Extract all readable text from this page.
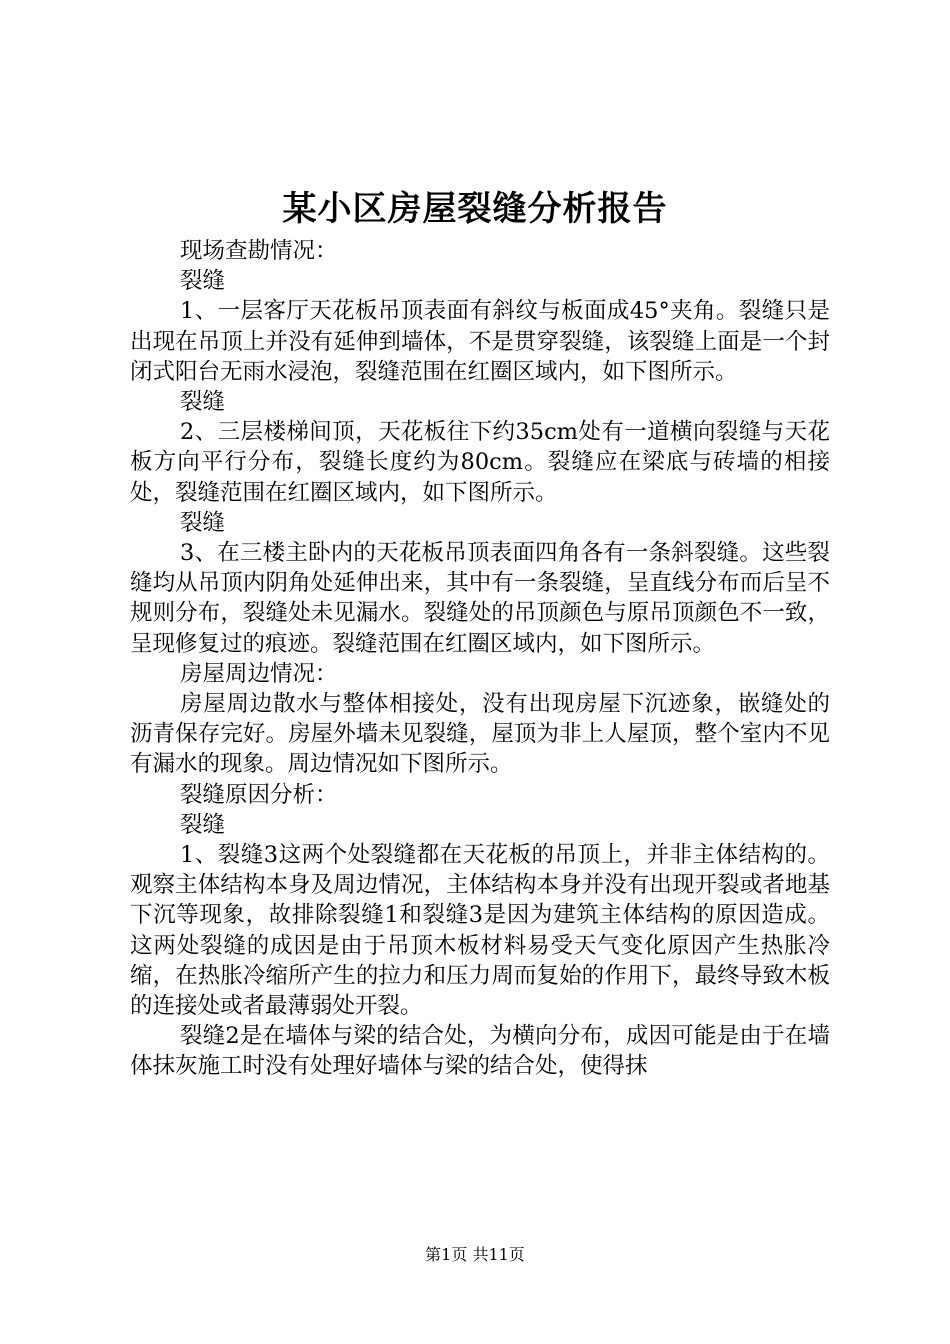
某小区房屋裂缝分析报告

现场查勘情况：

裂缝

1、一层客厅天花板吊顶表面有斜纹与板面成45°夹角。裂缝只是出现在吊顶上并没有延伸到墙体，不是贯穿裂缝，该裂缝上面是一个封闭式阳台无雨水浸泡，裂缝范围在红圈区域内，如下图所示。

裂缝

2、三层楼梯间顶，天花板往下约35cm处有一道横向裂缝与天花板方向平行分布，裂缝长度约为80cm。裂缝应在梁底与砖墙的相接处，裂缝范围在红圈区域内，如下图所示。

裂缝

3、在三楼主卧内的天花板吊顶表面四角各有一条斜裂缝。这些裂缝均从吊顶内阴角处延伸出来，其中有一条裂缝，呈直线分布而后呈不规则分布，裂缝处未见漏水。裂缝处的吊顶颜色与原吊顶颜色不一致，呈现修复过的痕迹。裂缝范围在红圈区域内，如下图所示。

房屋周边情况：

房屋周边散水与整体相接处，没有出现房屋下沉迹象，嵌缝处的沥青保存完好。房屋外墙未见裂缝，屋顶为非上人屋顶，整个室内不见有漏水的现象。周边情况如下图所示。

裂缝原因分析：

裂缝

1、裂缝3这两个处裂缝都在天花板的吊顶上，并非主体结构的。观察主体结构本身及周边情况，主体结构本身并没有出现开裂或者地基下沉等现象，故排除裂缝1和裂缝3是因为建筑主体结构的原因造成。这两处裂缝的成因是由于吊顶木板材料易受天气变化原因产生热胀冷缩，在热胀冷缩所产生的拉力和压力周而复始的作用下，最终导致木板的连接处或者最薄弱处开裂。

裂缝2是在墙体与梁的结合处，为横向分布，成因可能是由于在墙体抹灰施工时没有处理好墙体与梁的结合处，使得抹

第1页 共11页
